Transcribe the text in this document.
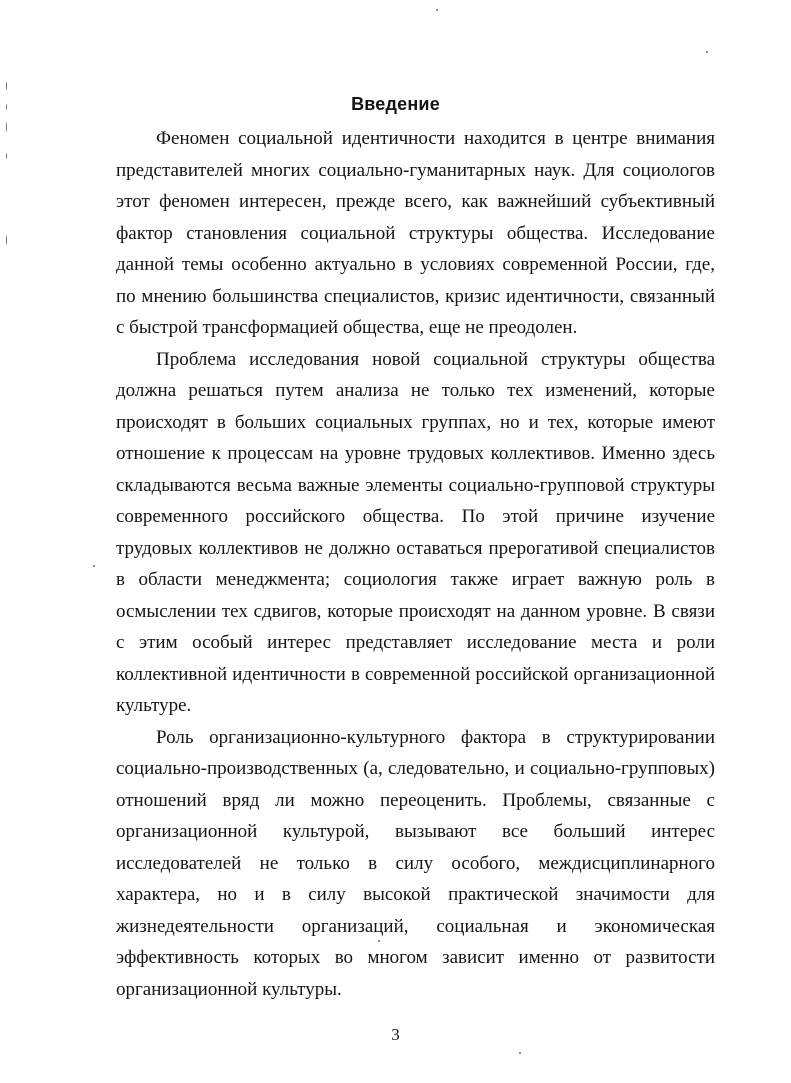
Введение

Феномен социальной идентичности находится в центре внимания представителей многих социально-гуманитарных наук. Для социологов этот феномен интересен, прежде всего, как важнейший субъективный фактор становления социальной структуры общества. Исследование данной темы особенно актуально в условиях современной России, где, по мнению большинства специалистов, кризис идентичности, связанный с быстрой трансформацией общества, еще не преодолен.

Проблема исследования новой социальной структуры общества должна решаться путем анализа не только тех изменений, которые происходят в больших социальных группах, но и тех, которые имеют отношение к процессам на уровне трудовых коллективов. Именно здесь складываются весьма важные элементы социально-групповой структуры современного российского общества. По этой причине изучение трудовых коллективов не должно оставаться прерогативой специалистов в области менеджмента; социология также играет важную роль в осмыслении тех сдвигов, которые происходят на данном уровне. В связи с этим особый интерес представляет исследование места и роли коллективной идентичности в современной российской организационной культуре.

Роль организационно-культурного фактора в структурировании социально-производственных (а, следовательно, и социально-групповых) отношений вряд ли можно переоценить. Проблемы, связанные с организационной культурой, вызывают все больший интерес исследователей не только в силу особого, междисциплинарного характера, но и в силу высокой практической значимости для жизнедеятельности организаций, социальная и экономическая эффективность которых во многом зависит именно от развитости организационной культуры.

3
